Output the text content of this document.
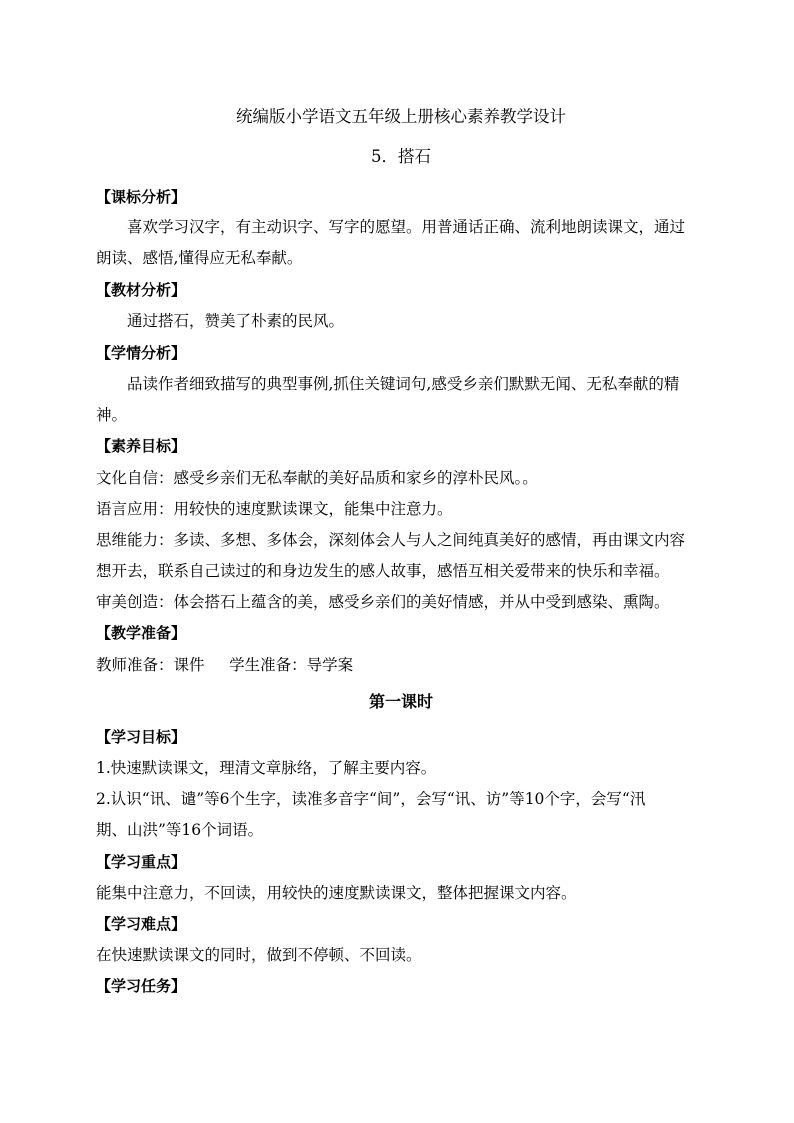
统编版小学语文五年级上册核心素养教学设计
5．搭石
【课标分析】
喜欢学习汉字，有主动识字、写字的愿望。用普通话正确、流利地朗读课文，通过
朗读、感悟,懂得应无私奉献。
【教材分析】
通过搭石，赞美了朴素的民风。
【学情分析】
品读作者细致描写的典型事例,抓住关键词句,感受乡亲们默默无闻、无私奉献的精
神。
【素养目标】
文化自信：感受乡亲们无私奉献的美好品质和家乡的淳朴民风。。
语言应用：用较快的速度默读课文，能集中注意力。
思维能力：多读、多想、多体会，深刻体会人与人之间纯真美好的感情，再由课文内容
想开去，联系自己读过的和身边发生的感人故事，感悟互相关爱带来的快乐和幸福。
审美创造：体会搭石上蕴含的美，感受乡亲们的美好情感，并从中受到感染、熏陶。
【教学准备】
教师准备：课件     学生准备：导学案
第一课时
【学习目标】
1.快速默读课文，理清文章脉络，了解主要内容。
2.认识“讯、谴”等6个生字，读准多音字“间”，会写“讯、访”等10个字，会写“汛
期、山洪”等16个词语。
【学习重点】
能集中注意力，不回读，用较快的速度默读课文，整体把握课文内容。
【学习难点】
在快速默读课文的同时，做到不停顿、不回读。
【学习任务】
